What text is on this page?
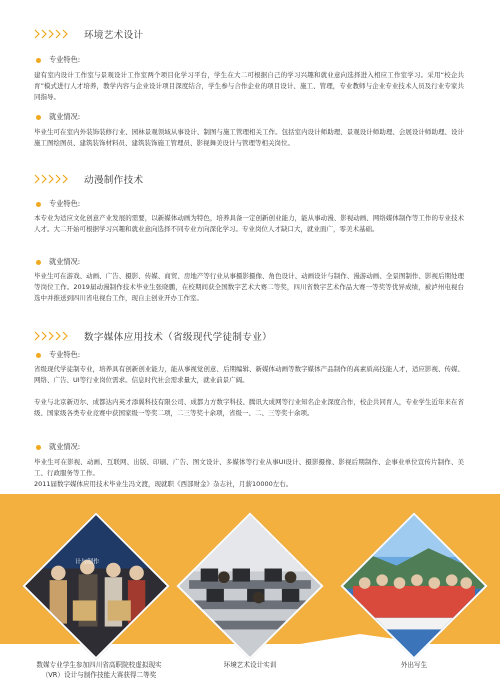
环境艺术设计
专业特色:
建有室内设计工作室与景观设计工作室两个项目化学习平台，学生在大二可根据自己的学习兴趣和就业意向选择进入相应工作室学习。采用“校企共育”模式进行人才培养，教学内容与企业设计项目深度结合，学生参与合作企业的项目设计、施工、管理，专业教师与企业专业技术人员及行业专家共同指导。
就业情况:
毕业生可在室内外装饰装修行业、园林景观领域从事设计、制图与施工管理相关工作。包括室内设计师助理、景观设计师助理、会展设计师助理、设计施工图绘图员、建筑装饰材料员、建筑装饰施工管理员、影视舞美设计与管理等相关岗位。
动漫制作技术
专业特色:
本专业为适应文化创意产业发展的需要，以新媒体动画为特色，培养具备一定创新创业能力，能从事动漫、影视动画、网络媒体制作等工作的专业技术人才。大二开始可根据学习兴趣和就业意向选择不同专业方向深化学习。专业岗位人才缺口大，就业面广，零美术基础。
就业情况:
毕业生可在游戏、动画、广告、摄影、传媒、商贸、房地产等行业从事摄影摄像、角色设计、动画设计与制作、漫游动画、全景图制作、影视后期处理等岗位工作。2019届动漫制作技术毕业生张晓鹏，在校期间获全国数字艺术大赛二等奖，四川省数字艺术作品大赛一等奖等优异成绩，被泸州电视台选中并推送到四川省电视台工作，现自主创业开办工作室。
数字媒体应用技术（省级现代学徒制专业）
专业特色:
省级现代学徒制专业，培养具有创新创业能力，能从事视觉创意、后期编辑、新媒体动画等数字媒体产品制作的高素质高技能人才，适应影视、传媒、网络、广告、UI等行业岗位需求。信息时代社会需求量大，就业前景广阔。
专业与北京新迈尔、成都达内英才添翼科技有限公司、成都力方数字科技、腾讯大成网等行业知名企业深度合作，校企共同育人，专业学生近年来在省级、国家级各类专业竞赛中获国家级一等奖二项，二三等奖十余项，省级一、二、三等奖十余项。
就业情况:
毕业生可在影视、动画、互联网、出版、印刷、广告、图文设计、多媒体等行业从事UI设计、摄影摄像、影视后期制作、企事业单位宣传片制作、美工、行政服务等工作。
2011届数字媒体应用技术毕业生冯文渡，现就职《西部财金》杂志社，月薪10000左右。
计与制作
数媒专业学生参加四川省高职院校虚拟现实
（VR）设计与制作技能大赛获得二等奖
环境艺术设计实训	外出写生
